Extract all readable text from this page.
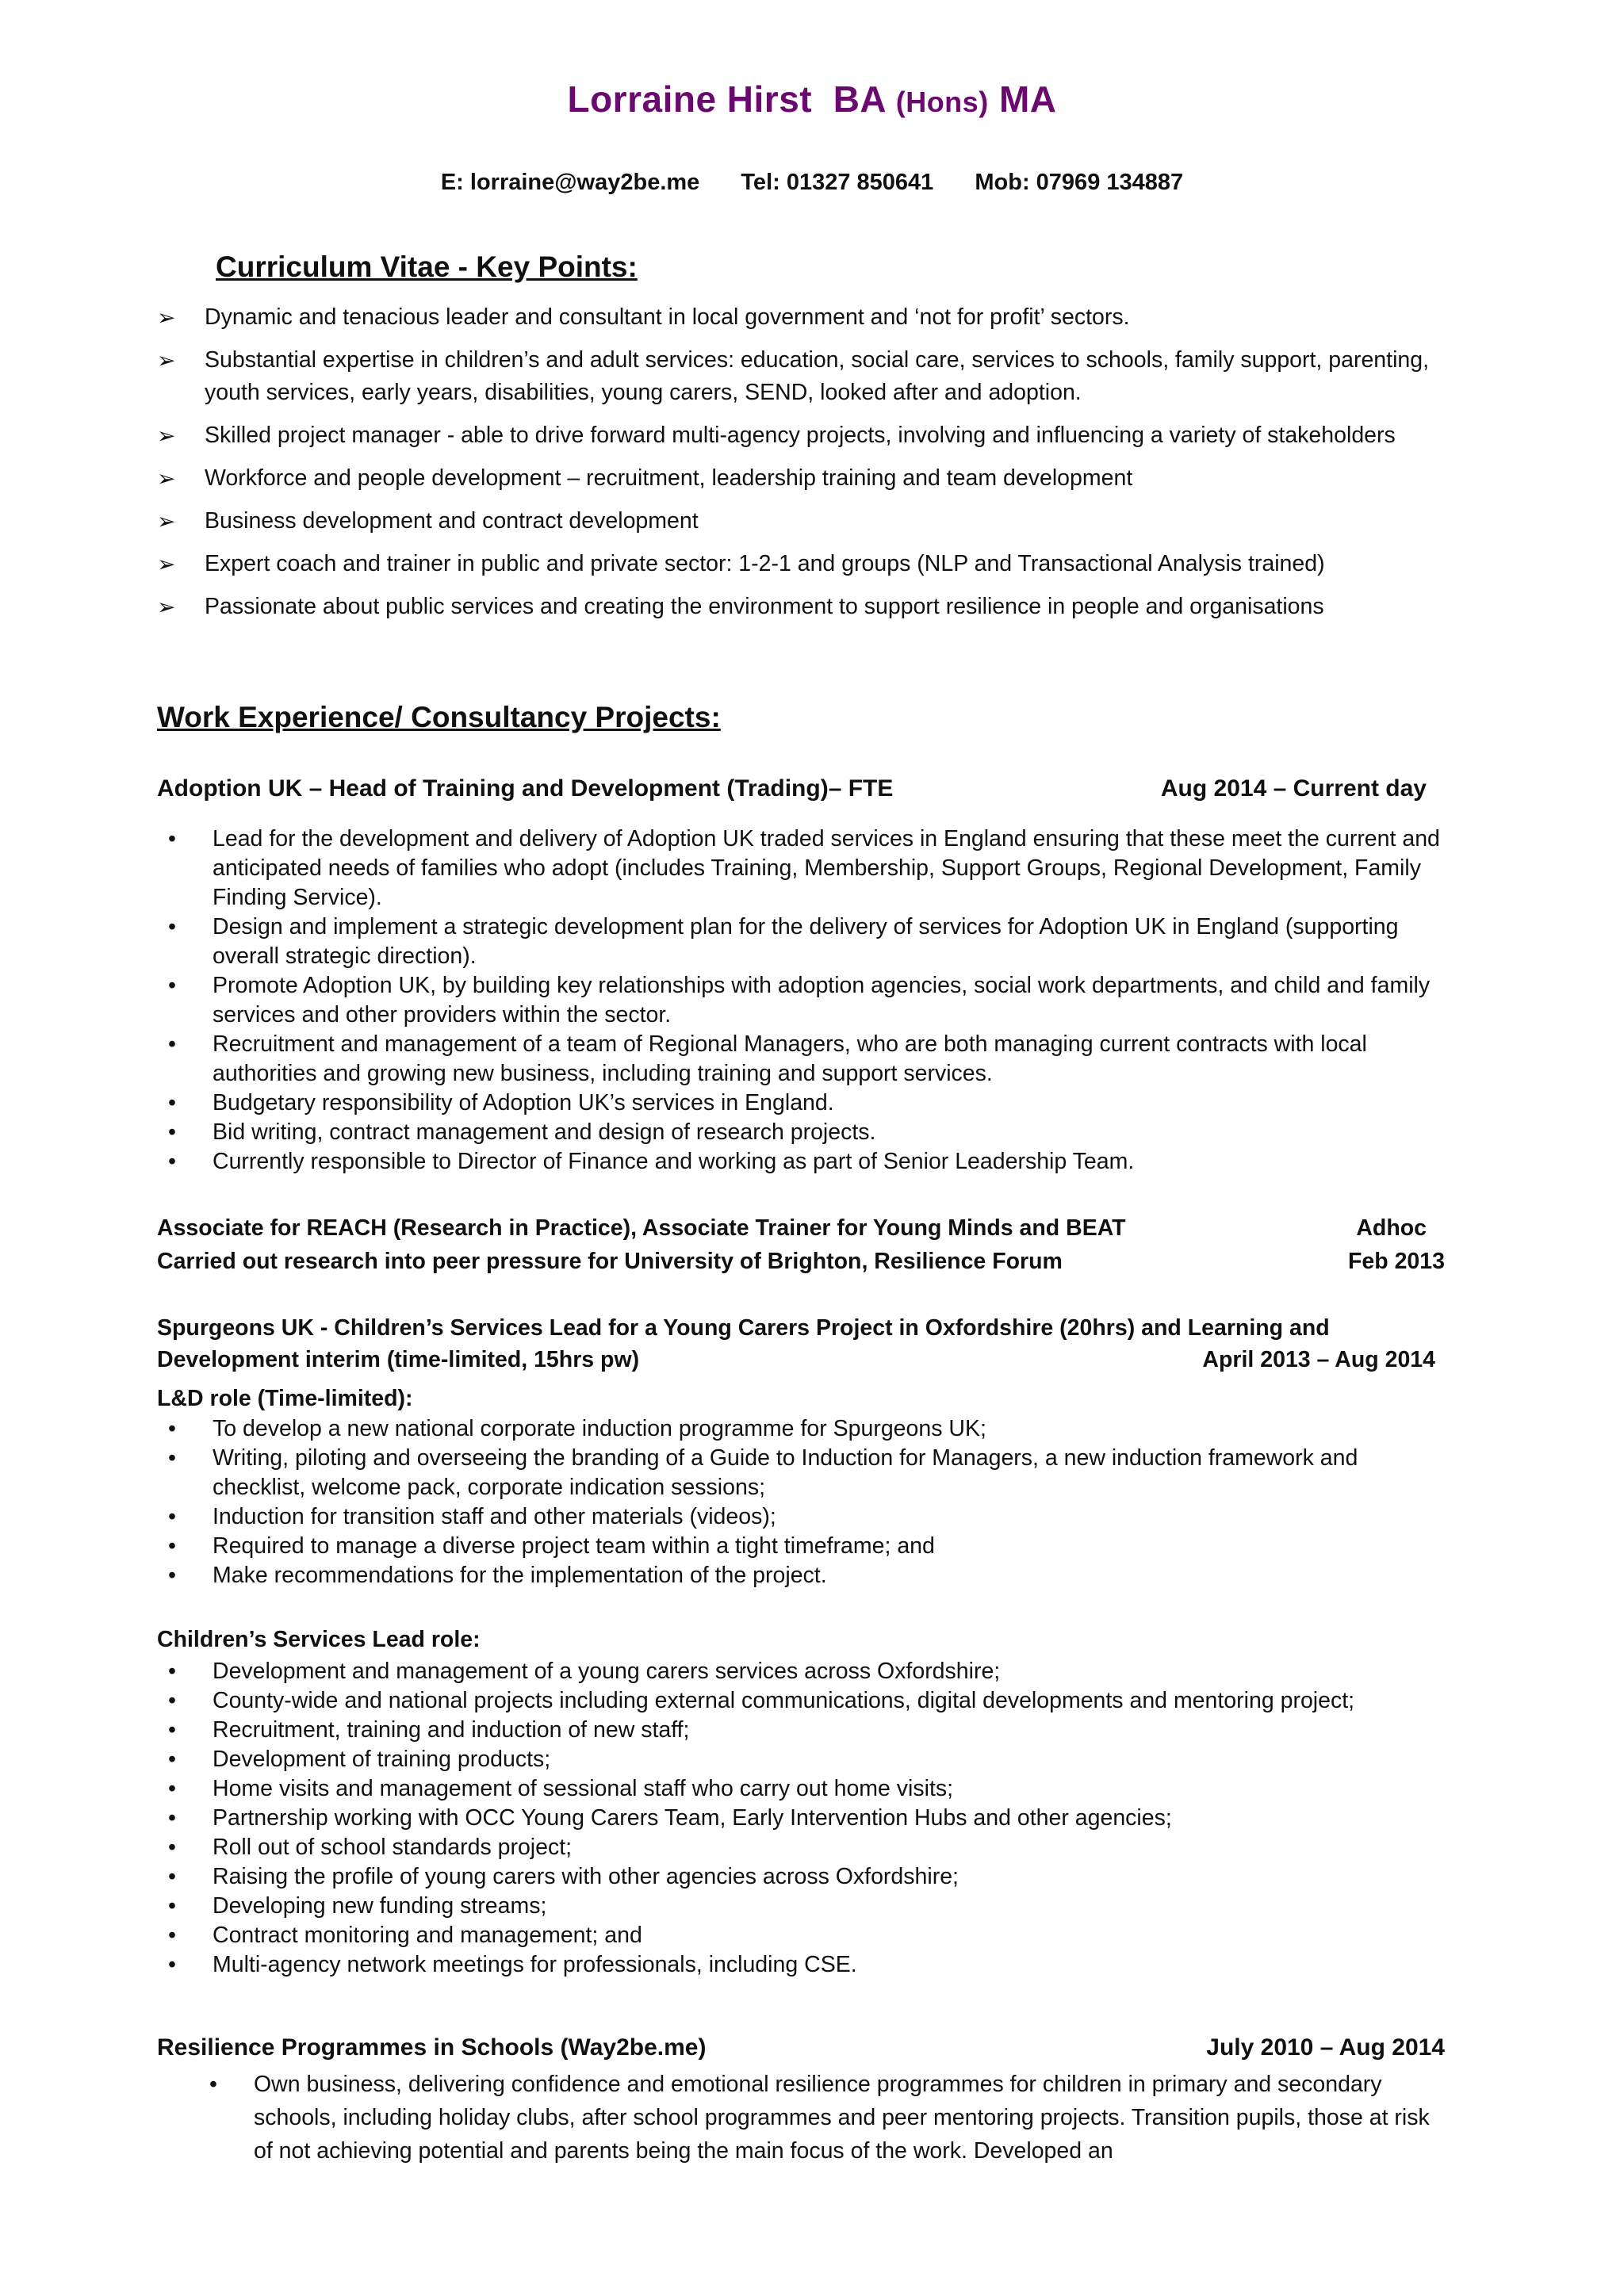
Lorraine Hirst BA (Hons) MA
E: lorraine@way2be.me Tel: 01327 850641 Mob: 07969 134887
Curriculum Vitae - Key Points:
➢ Dynamic and tenacious leader and consultant in local government and ‘not for profit’ sectors.
➢ Substantial expertise in children’s and adult services: education, social care, services to schools, family support, parenting, youth services, early years, disabilities, young carers, SEND, looked after and adoption.
➢ Skilled project manager - able to drive forward multi-agency projects, involving and influencing a variety of stakeholders
➢ Workforce and people development – recruitment, leadership training and team development
➢ Business development and contract development
➢ Expert coach and trainer in public and private sector: 1-2-1 and groups (NLP and Transactional Analysis trained)
➢ Passionate about public services and creating the environment to support resilience in people and organisations
Work Experience/ Consultancy Projects:
Adoption UK – Head of Training and Development (Trading)– FTE	Aug 2014 – Current day
• Lead for the development and delivery of Adoption UK traded services in England ensuring that these meet the current and anticipated needs of families who adopt (includes Training, Membership, Support Groups, Regional Development, Family Finding Service).
• Design and implement a strategic development plan for the delivery of services for Adoption UK in England (supporting overall strategic direction).
• Promote Adoption UK, by building key relationships with adoption agencies, social work departments, and child and family services and other providers within the sector.
• Recruitment and management of a team of Regional Managers, who are both managing current contracts with local authorities and growing new business, including training and support services.
• Budgetary responsibility of Adoption UK’s services in England.
• Bid writing, contract management and design of research projects.
• Currently responsible to Director of Finance and working as part of Senior Leadership Team.
Associate for REACH (Research in Practice), Associate Trainer for Young Minds and BEAT	Adhoc
Carried out research into peer pressure for University of Brighton, Resilience Forum	Feb 2013
Spurgeons UK - Children’s Services Lead for a Young Carers Project in Oxfordshire (20hrs) and Learning and
Development interim (time-limited, 15hrs pw)	April 2013 – Aug 2014
L&D role (Time-limited):
• To develop a new national corporate induction programme for Spurgeons UK;
• Writing, piloting and overseeing the branding of a Guide to Induction for Managers, a new induction framework and checklist, welcome pack, corporate indication sessions;
• Induction for transition staff and other materials (videos);
• Required to manage a diverse project team within a tight timeframe; and
• Make recommendations for the implementation of the project.
Children’s Services Lead role:
• Development and management of a young carers services across Oxfordshire;
• County-wide and national projects including external communications, digital developments and mentoring project;
• Recruitment, training and induction of new staff;
• Development of training products;
• Home visits and management of sessional staff who carry out home visits;
• Partnership working with OCC Young Carers Team, Early Intervention Hubs and other agencies;
• Roll out of school standards project;
• Raising the profile of young carers with other agencies across Oxfordshire;
• Developing new funding streams;
• Contract monitoring and management; and
• Multi-agency network meetings for professionals, including CSE.
Resilience Programmes in Schools (Way2be.me)	July 2010 – Aug 2014
• Own business, delivering confidence and emotional resilience programmes for children in primary and secondary schools, including holiday clubs, after school programmes and peer mentoring projects. Transition pupils, those at risk of not achieving potential and parents being the main focus of the work. Developed an
